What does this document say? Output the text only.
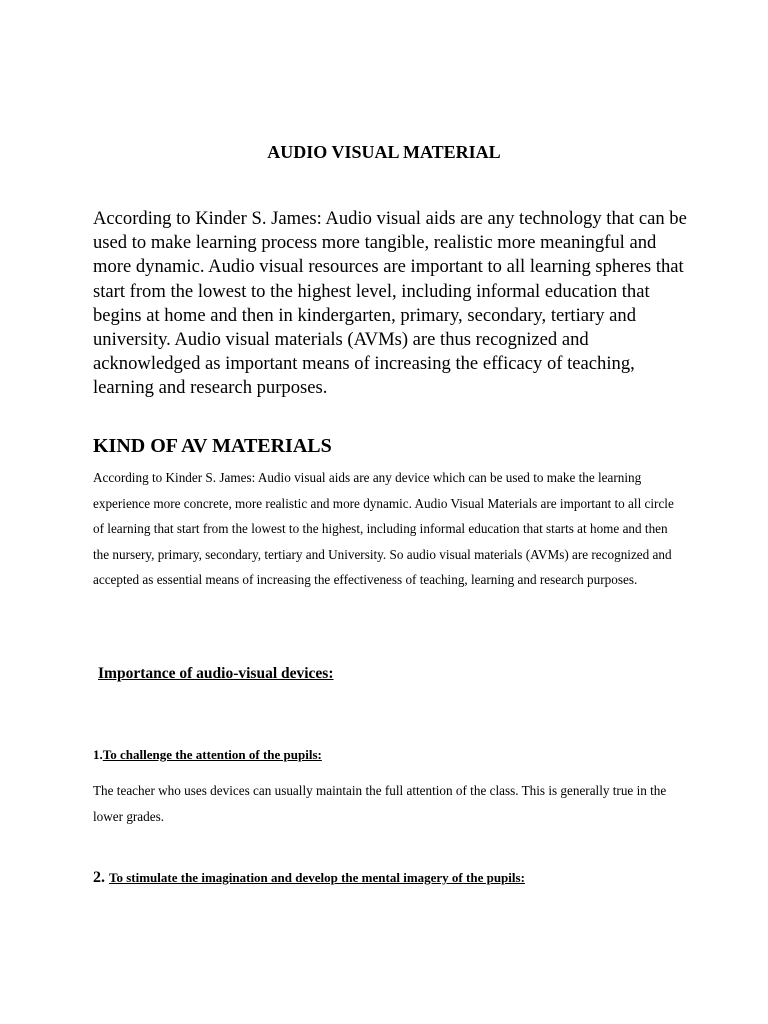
AUDIO VISUAL MATERIAL

According to Kinder S. James: Audio visual aids are any technology that can be used to make learning process more tangible, realistic more meaningful and more dynamic. Audio visual resources are important to all learning spheres that start from the lowest to the highest level, including informal education that begins at home and then in kindergarten, primary, secondary, tertiary and university. Audio visual materials (AVMs) are thus recognized and acknowledged as important means of increasing the efficacy of teaching, learning and research purposes.

KIND OF AV MATERIALS

According to Kinder S. James: Audio visual aids are any device which can be used to make the learning experience more concrete, more realistic and more dynamic. Audio Visual Materials are important to all circle of learning that start from the lowest to the highest, including informal education that starts at home and then the nursery, primary, secondary, tertiary and University. So audio visual materials (AVMs) are recognized and accepted as essential means of increasing the effectiveness of teaching, learning and research purposes.

Importance of audio-visual devices:
1.To challenge the attention of the pupils:

The teacher who uses devices can usually maintain the full attention of the class. This is generally true in the lower grades.

2. To stimulate the imagination and develop the mental imagery of the pupils:
